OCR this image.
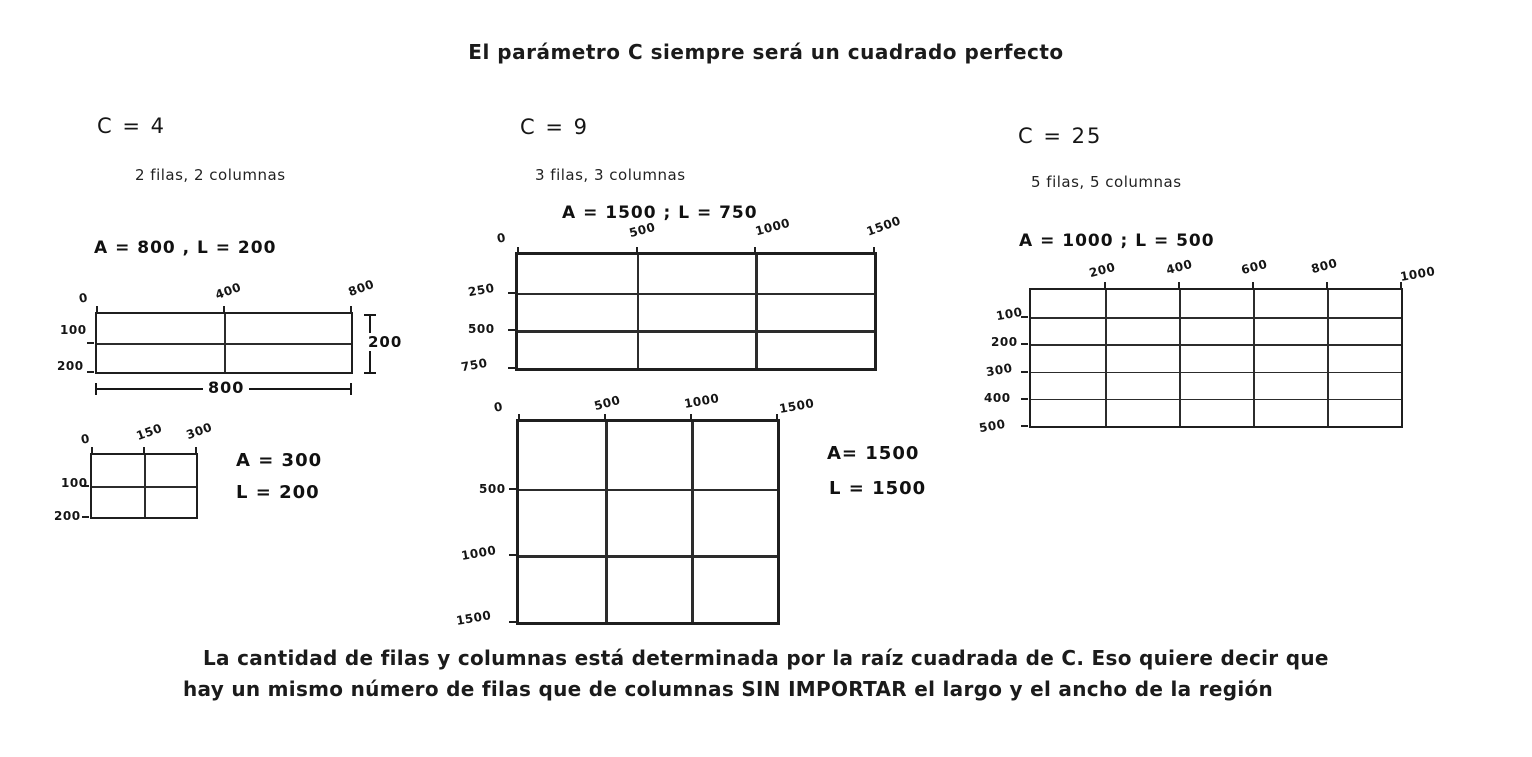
El parámetro C siempre será un cuadrado perfecto
C = 4
2 filas, 2 columnas
A = 800 , L = 200
0	400	800
100
200
200
800
0	150 300
100
200
A = 300
L = 200
C = 9
3 filas, 3 columnas
A = 1500 ; L = 750
0	500	1000	1500
250
500
750
0	500	1000	1500
500
1000
1500
A= 1500
L = 1500
C = 25
5 filas, 5 columnas
A = 1000 ; L = 500
200	400	600	800	1000
100
200
300
400
500
La cantidad de filas y columnas está determinada por la raíz cuadrada de C. Eso quiere decir que
hay un mismo número de filas que de columnas SIN IMPORTAR el largo y el ancho de la región
